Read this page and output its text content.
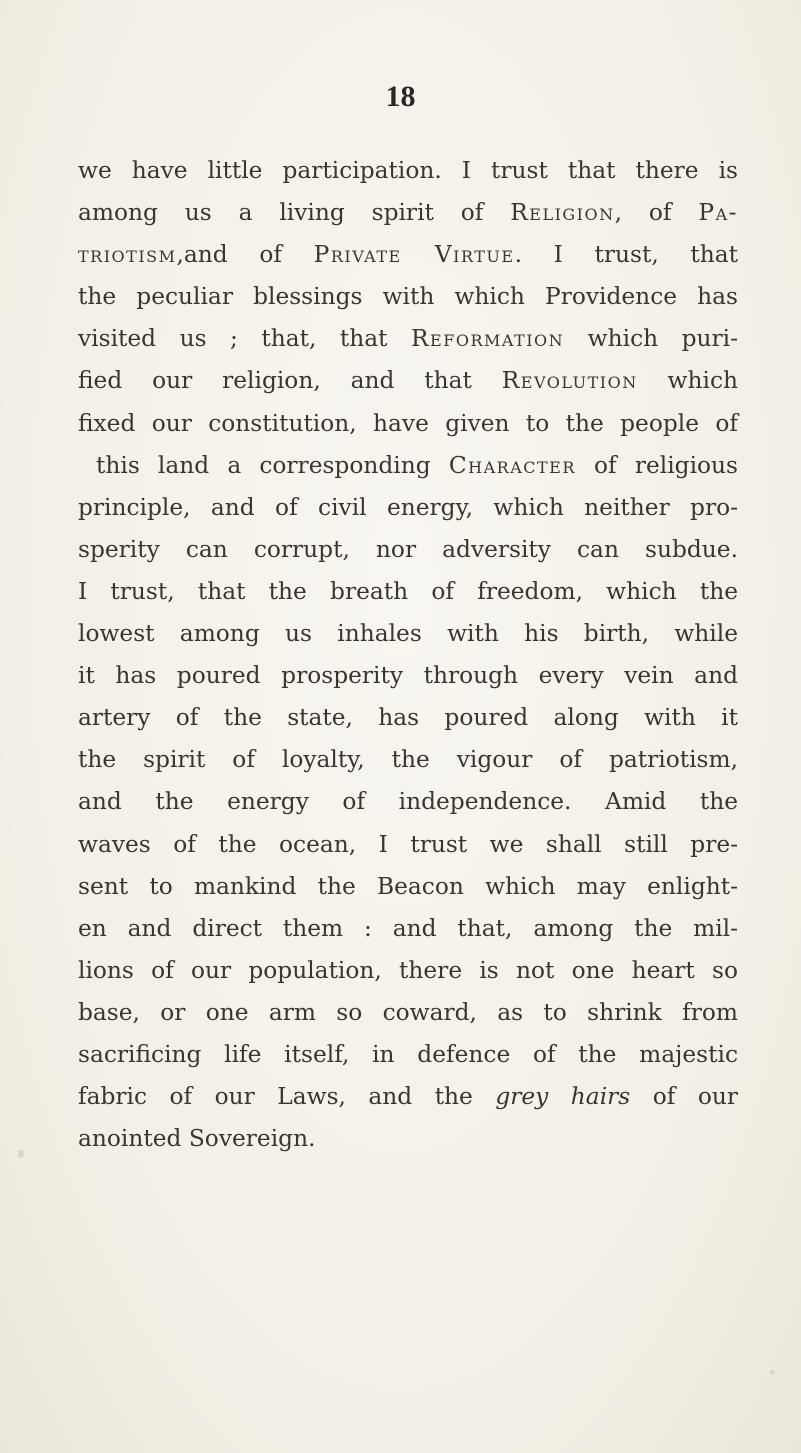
18
we have little participation. I trust that there is
among us a living spirit of Religion, of Pa-
triotism,and of Private Virtue. I trust, that
the peculiar blessings with which Providence has
visited us ; that, that Reformation which puri-
fied our religion, and that Revolution which
fixed our constitution, have given to the people of
this land a corresponding Character of religious
principle, and of civil energy, which neither pro-
sperity can corrupt, nor adversity can subdue.
I trust, that the breath of freedom, which the
lowest among us inhales with his birth, while
it has poured prosperity through every vein and
artery of the state, has poured along with it
the spirit of loyalty, the vigour of patriotism,
and the energy of independence. Amid the
waves of the ocean, I trust we shall still pre-
sent to mankind the Beacon which may enlight-
en and direct them : and that, among the mil-
lions of our population, there is not one heart so
base, or one arm so coward, as to shrink from
sacrificing life itself, in defence of the majestic
fabric of our Laws, and the grey hairs of our
anointed Sovereign.
